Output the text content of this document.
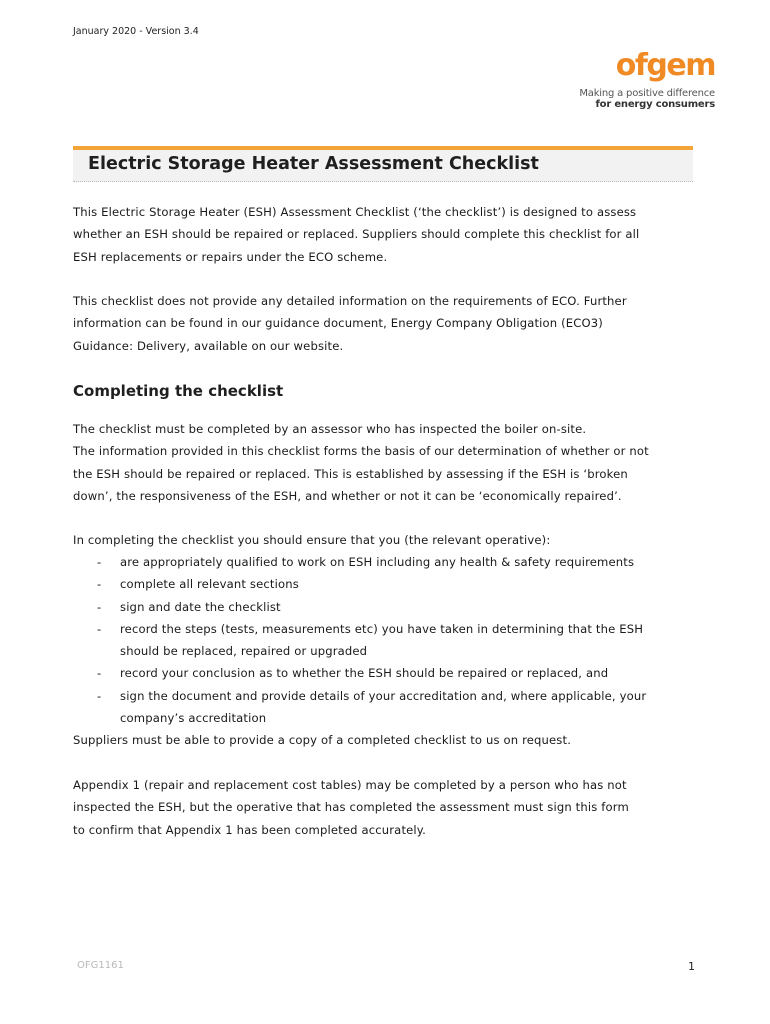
January 2020 - Version 3.4
ofgem
Making a positive difference
for energy consumers
Electric Storage Heater Assessment Checklist
This Electric Storage Heater (ESH) Assessment Checklist (‘the checklist’) is designed to assess
whether an ESH should be repaired or replaced. Suppliers should complete this checklist for all
ESH replacements or repairs under the ECO scheme.
This checklist does not provide any detailed information on the requirements of ECO. Further
information can be found in our guidance document, Energy Company Obligation (ECO3)
Guidance: Delivery, available on our website.
Completing the checklist
The checklist must be completed by an assessor who has inspected the boiler on-site.
The information provided in this checklist forms the basis of our determination of whether or not
the ESH should be repaired or replaced. This is established by assessing if the ESH is ‘broken
down’, the responsiveness of the ESH, and whether or not it can be ‘economically repaired’.
In completing the checklist you should ensure that you (the relevant operative):
- are appropriately qualified to work on ESH including any health & safety requirements
- complete all relevant sections
- sign and date the checklist
- record the steps (tests, measurements etc) you have taken in determining that the ESH
should be replaced, repaired or upgraded
- record your conclusion as to whether the ESH should be repaired or replaced, and
- sign the document and provide details of your accreditation and, where applicable, your
company’s accreditation
Suppliers must be able to provide a copy of a completed checklist to us on request.
Appendix 1 (repair and replacement cost tables) may be completed by a person who has not
inspected the ESH, but the operative that has completed the assessment must sign this form
to confirm that Appendix 1 has been completed accurately.
OFG1161	1
